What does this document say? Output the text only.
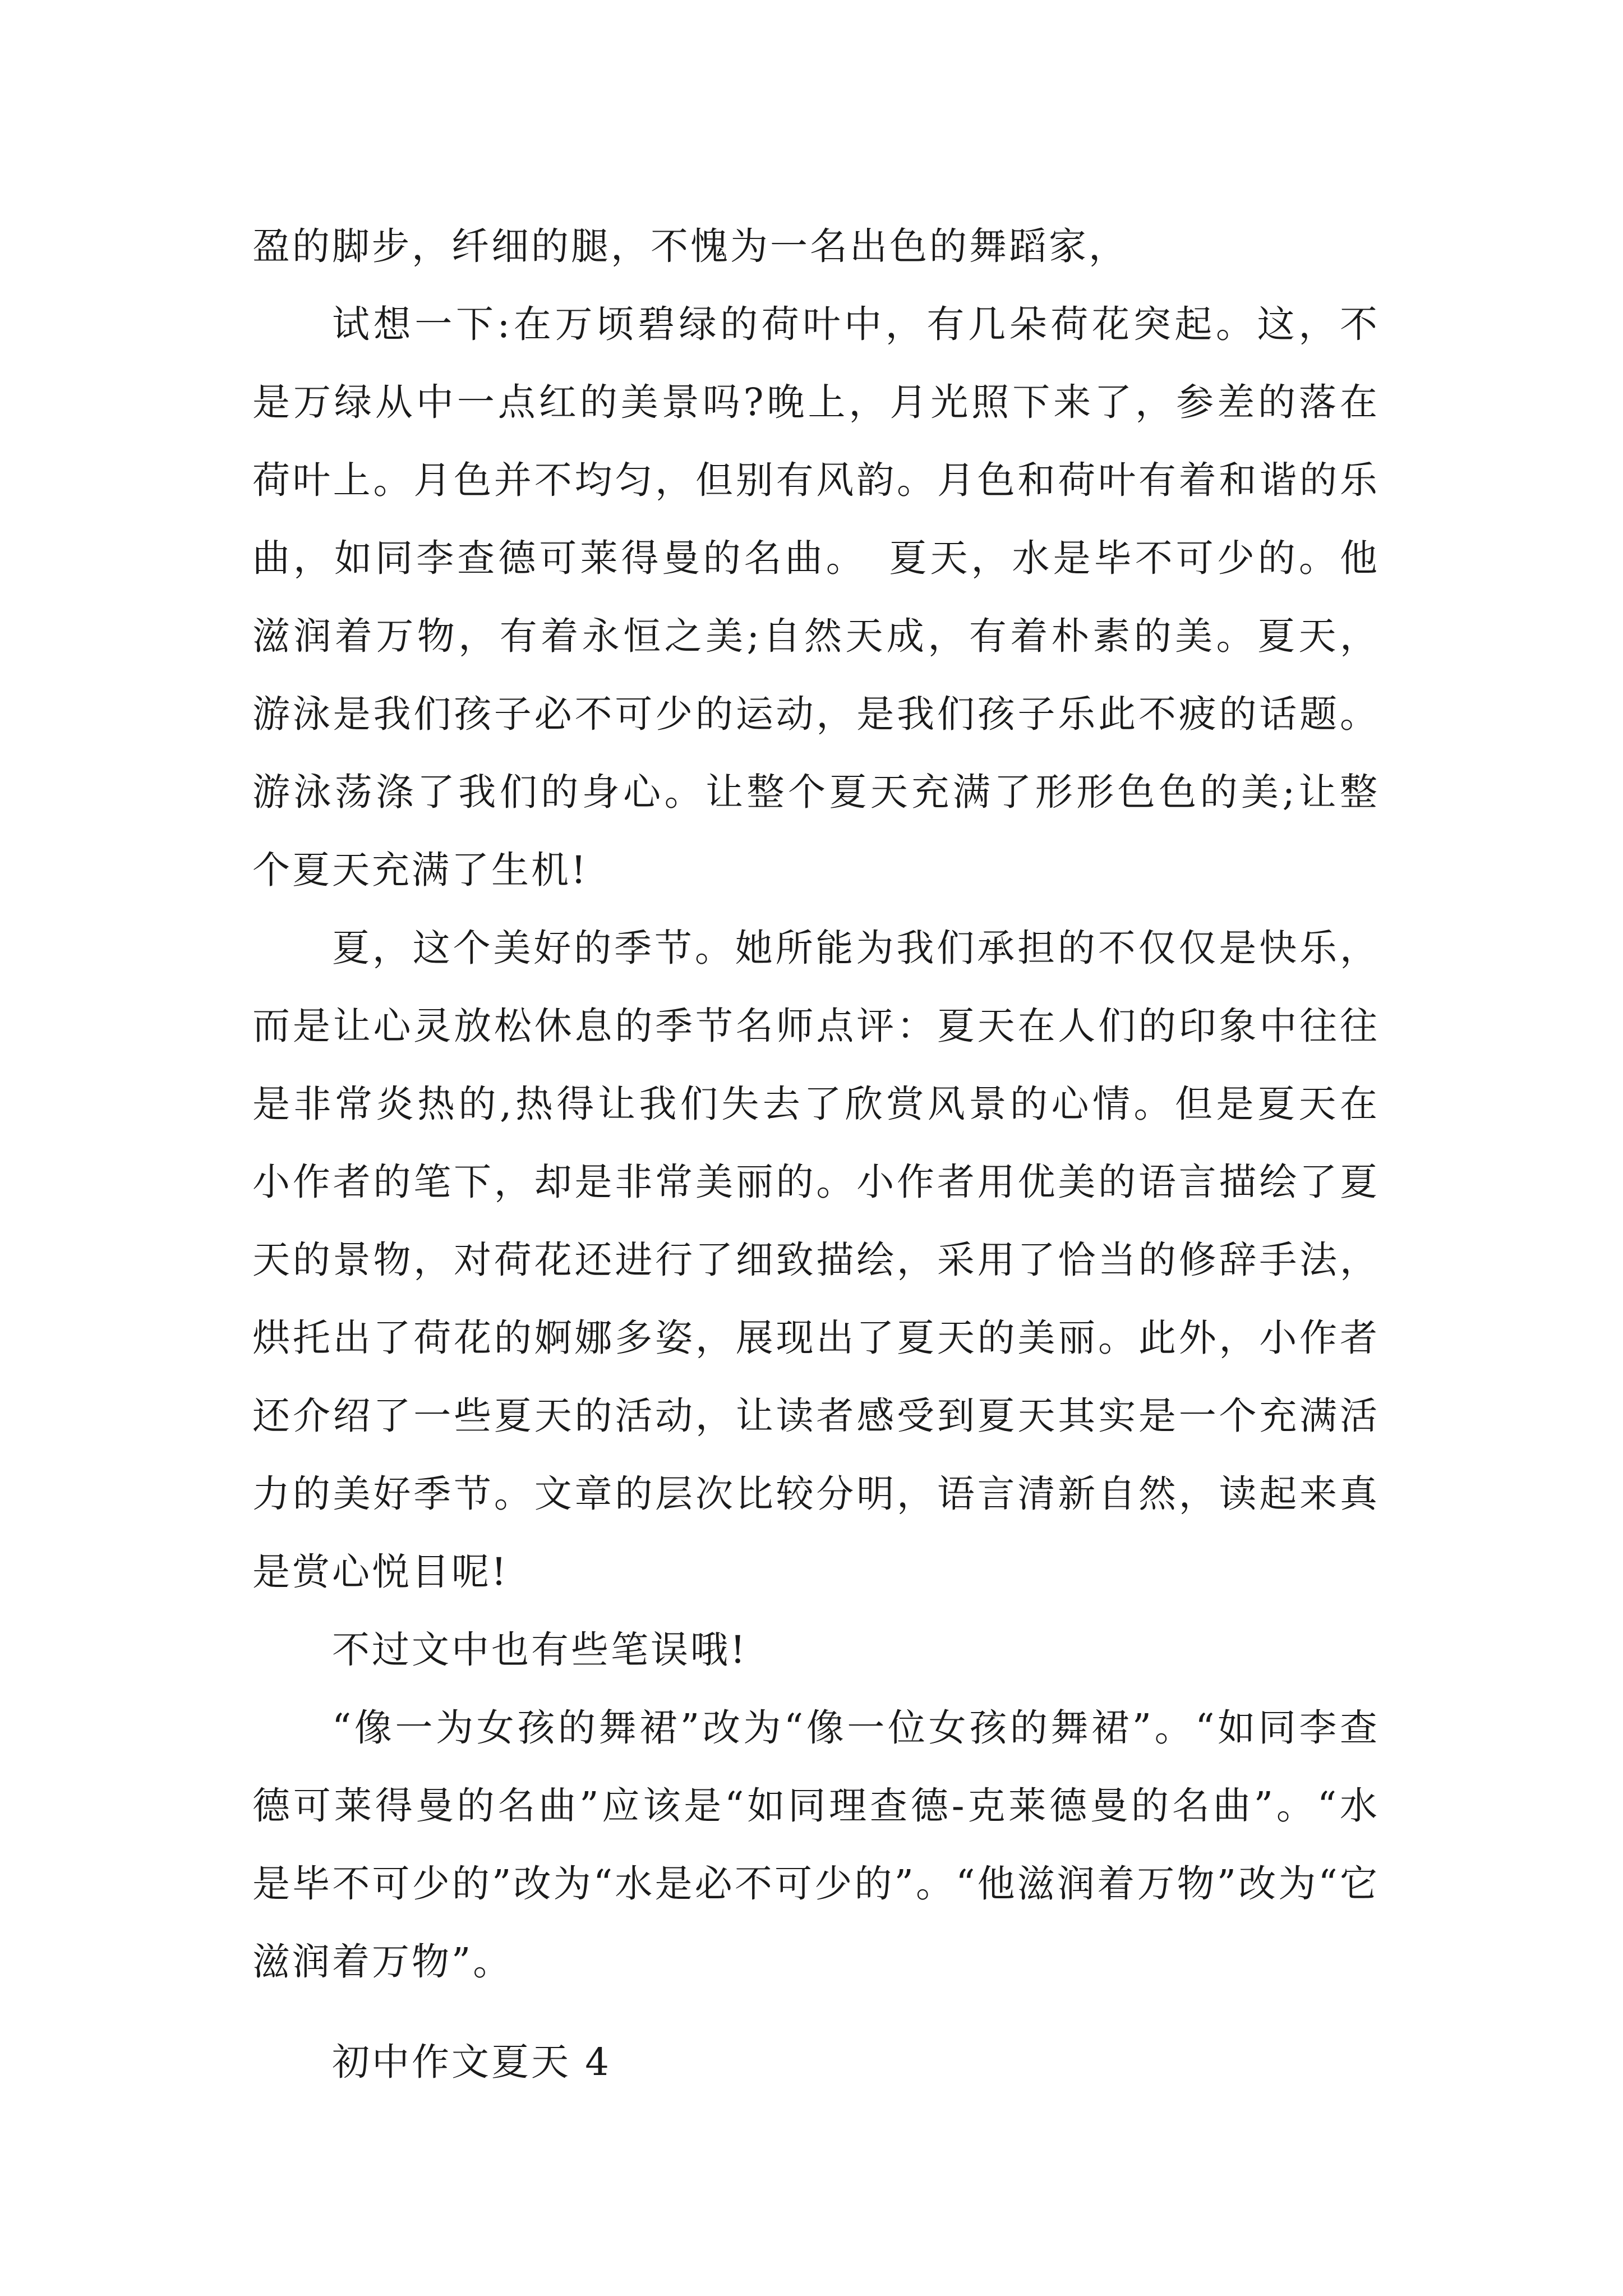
盈的脚步，纤细的腿，不愧为一名出色的舞蹈家，

试想一下:在万顷碧绿的荷叶中，有几朵荷花突起。这，不是万绿从中一点红的美景吗?晚上，月光照下来了，参差的落在荷叶上。月色并不均匀，但别有风韵。月色和荷叶有着和谐的乐曲，如同李查德可莱得曼的名曲。　夏天，水是毕不可少的。他滋润着万物，有着永恒之美;自然天成，有着朴素的美。夏天，游泳是我们孩子必不可少的运动，是我们孩子乐此不疲的话题。游泳荡涤了我们的身心。让整个夏天充满了形形色色的美;让整个夏天充满了生机!

夏，这个美好的季节。她所能为我们承担的不仅仅是快乐，而是让心灵放松休息的季节名师点评：夏天在人们的印象中往往是非常炎热的,热得让我们失去了欣赏风景的心情。但是夏天在小作者的笔下，却是非常美丽的。小作者用优美的语言描绘了夏天的景物，对荷花还进行了细致描绘，采用了恰当的修辞手法，烘托出了荷花的婀娜多姿，展现出了夏天的美丽。此外，小作者还介绍了一些夏天的活动，让读者感受到夏天其实是一个充满活力的美好季节。文章的层次比较分明，语言清新自然，读起来真是赏心悦目呢!

不过文中也有些笔误哦!

“像一为女孩的舞裙”改为“像一位女孩的舞裙”。“如同李查德可莱得曼的名曲”应该是“如同理查德-克莱德曼的名曲”。“水是毕不可少的”改为“水是必不可少的”。“他滋润着万物”改为“它滋润着万物”。

初中作文夏天 4
